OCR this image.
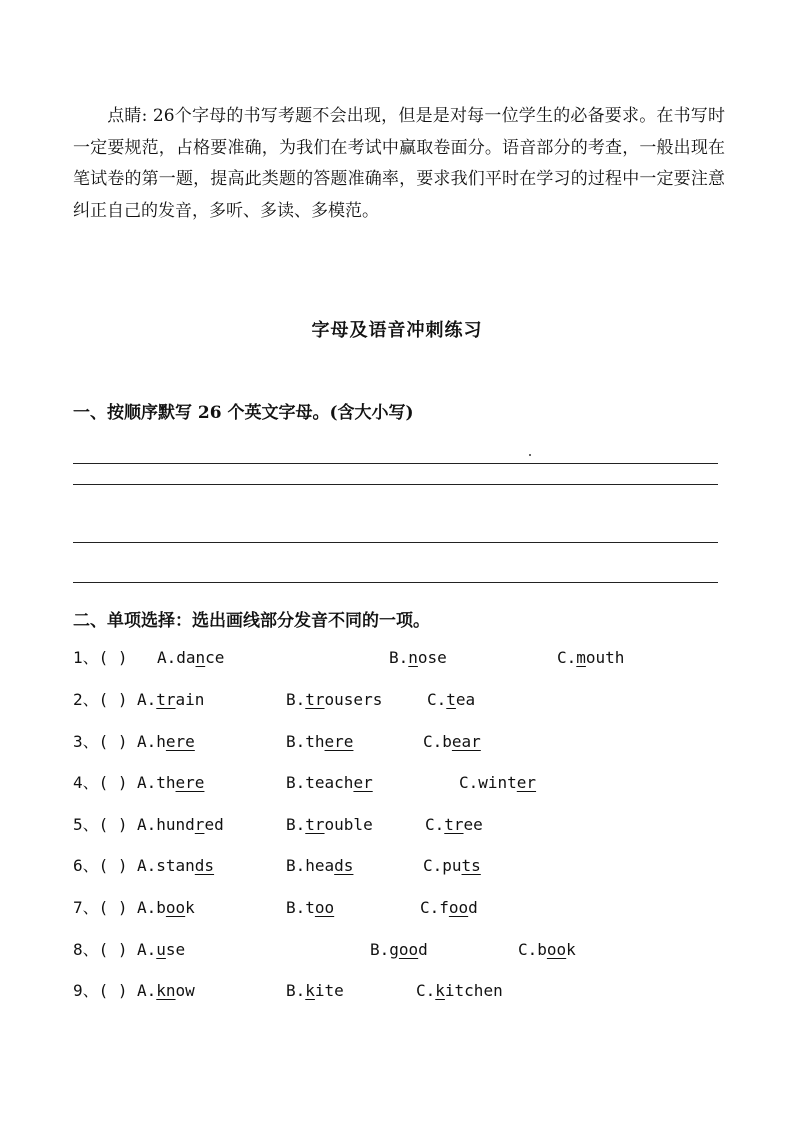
点睛: 26个字母的书写考题不会出现，但是是对每一位学生的必备要求。在书写时一定要规范，占格要准确，为我们在考试中赢取卷面分。语音部分的考查，一般出现在笔试卷的第一题，提高此类题的答题准确率，要求我们平时在学习的过程中一定要注意纠正自己的发音，多听、多读、多模范。
字母及语音冲刺练习
一、按顺序默写 26 个英文字母。(含大小写)
二、单项选择：选出画线部分发音不同的一项。
1、( ) A.dance	B.nose	C.mouth
2、( ) A.train	B.trousers	C.tea
3、( ) A.here	B.there	C.bear
4、( ) A.there	B.teacher	C.winter
5、( ) A.hundred	B.trouble	C.tree
6、( ) A.stands	B.heads	C.puts
7、( ) A.book	B.too	C.food
8、( ) A.use	B.good	C.book
9、( ) A.know	B.kite	C.kitchen
